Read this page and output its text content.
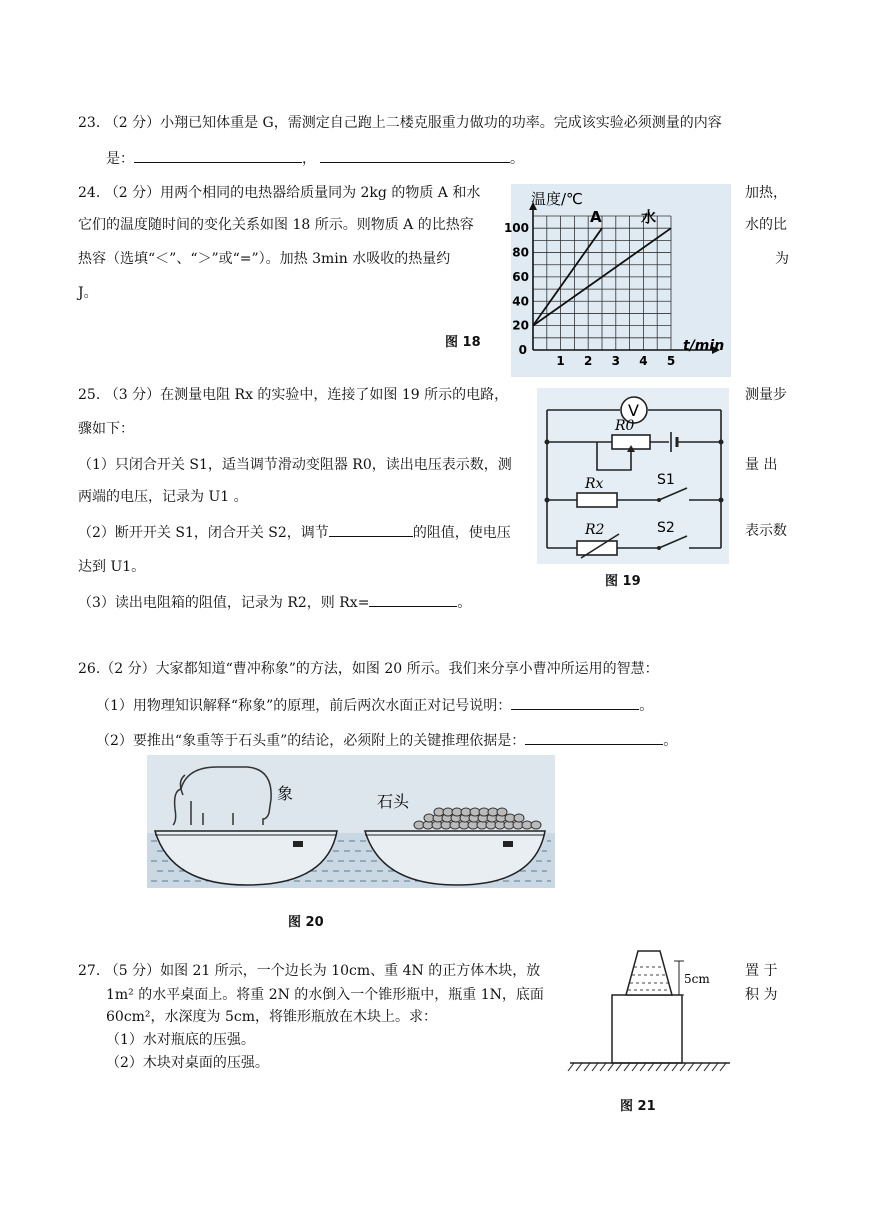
23. （2 分）小翔已知体重是 G，需测定自己跑上二楼克服重力做功的功率。完成该实验必须测量的内容
是：	，	。
24. （2 分）用两个相同的电热器给质量同为 2kg 的物质 A 和水	加热，
它们的温度随时间的变化关系如图 18 所示。则物质 A 的比热容	水的比
热容（选填“＜”、“＞”或“=”）。加热 3min 水吸收的热量约	为
J。
图 18
20
40
60
80
100
0
1 2 3 4 5
A	水
温度/℃
t/min
25. （3 分）在测量电阻 Rx 的实验中，连接了如图 19 所示的电路，	测量步
骤如下：
（1）只闭合开关 S1，适当调节滑动变阻器 R0，读出电压表示数，测	量 出
两端的电压，记录为 U1 。
（2）断开开关 S1，闭合开关 S2，调节	的阻值，使电压	表示数
达到 U1。
（3）读出电阻箱的阻值，记录为 R2，则 Rx=	。
图 19
V
R0
Rx	S1
R2	S2
26.（2 分）大家都知道“曹冲称象”的方法，如图 20 所示。我们来分享小曹冲所运用的智慧：
（1）用物理知识解释“称象”的原理，前后两次水面正对记号说明：	。
（2）要推出“象重等于石头重”的结论，必须附上的关键推理依据是：	。
象	石头
图 20
27. （5 分）如图 21 所示，一个边长为 10cm、重 4N 的正方体木块，放	置 于
1m² 的水平桌面上。将重 2N 的水倒入一个锥形瓶中，瓶重 1N，底面	积 为
60cm²，水深度为 5cm，将锥形瓶放在木块上。求：
（1）水对瓶底的压强。
（2）木块对桌面的压强。
5cm
图 21
